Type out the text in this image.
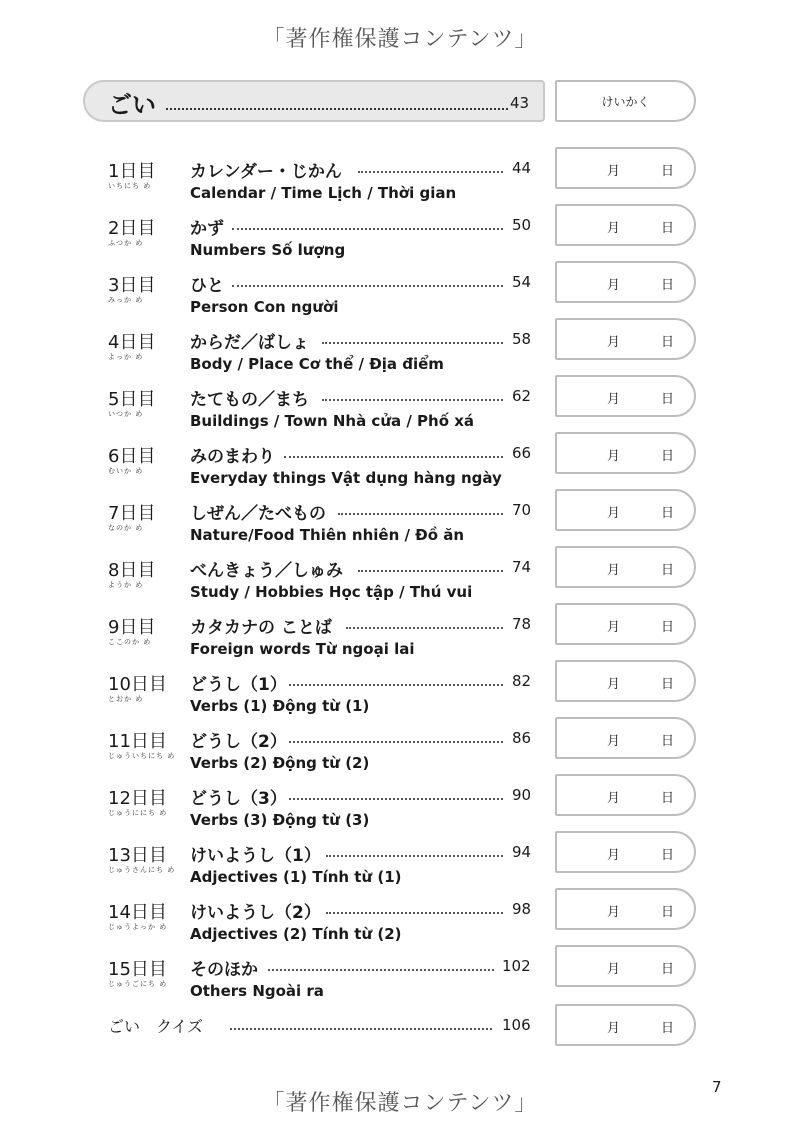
「著作権保護コンテンツ」
ごい	43	けいかく
1日目
いちにち め
カレンダー・じかん	44
Calendar / Time Lịch / Thời gian
月	日
2日目
ふつか め
かず	50
Numbers Số lượng
月	日
3日目
みっか め
ひと	54
Person Con người
月	日
4日目
よっか め
からだ／ばしょ	58
Body / Place Cơ thể / Địa điểm
月	日
5日目
いつか め
たてもの／まち	62
Buildings / Town Nhà cửa / Phố xá
月	日
6日目
むいか め
みのまわり	66
Everyday things Vật dụng hàng ngày
月	日
7日目
なのか め
しぜん／たべもの	70
Nature/Food Thiên nhiên / Đồ ăn
月	日
8日目
ようか め
べんきょう／しゅみ	74
Study / Hobbies Học tập / Thú vui
月	日
9日目
ここのか め
カタカナの ことば	78
Foreign words Từ ngoại lai
月	日
10日目
とおか め
どうし（1）	82
Verbs (1) Động từ (1)
月	日
11日目
じゅういちにち め
どうし（2）	86
Verbs (2) Động từ (2)
月	日
12日目
じゅうににち め
どうし（3）	90
Verbs (3) Động từ (3)
月	日
13日目
じゅうさんにち め
けいようし（1）	94
Adjectives (1) Tính từ (1)
月	日
14日目
じゅうよっか め
けいようし（2）	98
Adjectives (2) Tính từ (2)
月	日
15日目
じゅうごにち め
そのほか	102
Others Ngoài ra
月	日
ごい　クイズ	106	月	日
「著作権保護コンテンツ」
7
